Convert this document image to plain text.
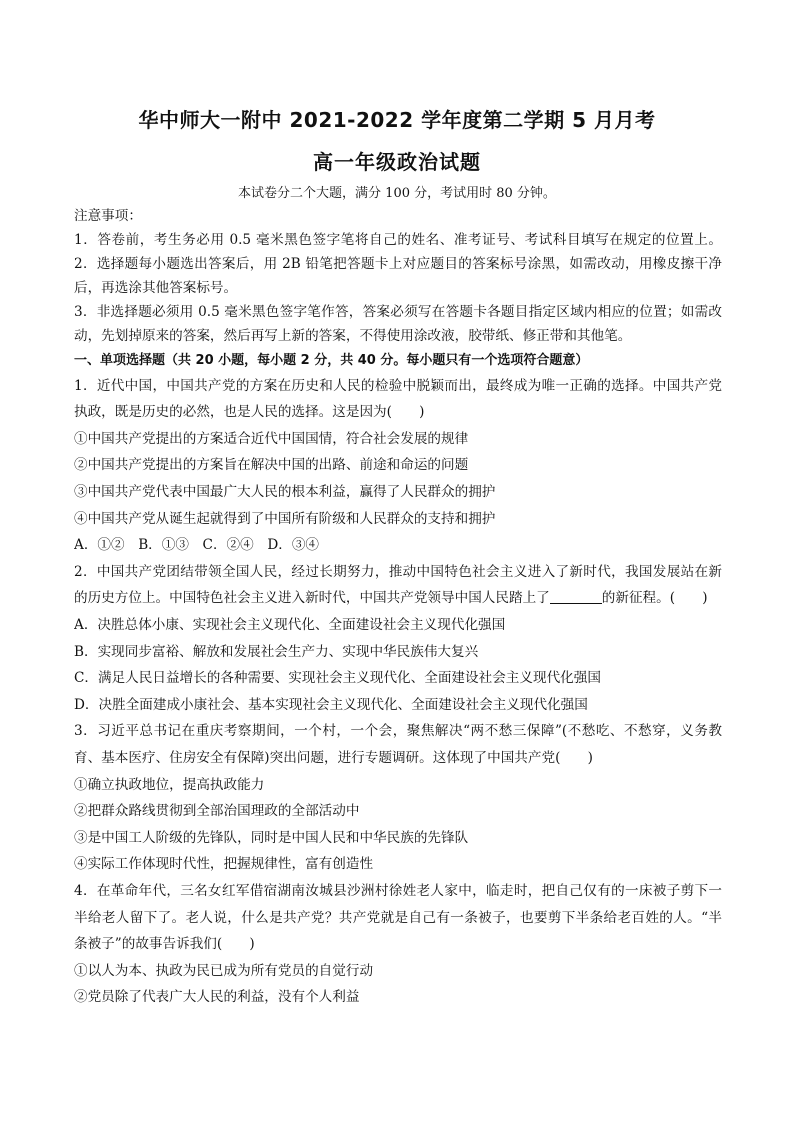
华中师大一附中 2021-2022 学年度第二学期 5 月月考
高一年级政治试题
本试卷分二个大题，满分 100 分，考试用时 80 分钟。
注意事项：
1．答卷前，考生务必用 0.5 毫米黑色签字笔将自己的姓名、准考证号、考试科目填写在规定的位置上。
2．选择题每小题选出答案后，用 2B 铅笔把答题卡上对应题目的答案标号涂黑，如需改动，用橡皮擦干净
后，再选涂其他答案标号。
3．非选择题必须用 0.5 毫米黑色签字笔作答，答案必须写在答题卡各题目指定区域内相应的位置；如需改
动，先划掉原来的答案，然后再写上新的答案，不得使用涂改液，胶带纸、修正带和其他笔。
一、单项选择题（共 20 小题，每小题 2 分，共 40 分。每小题只有一个选项符合题意）
1．近代中国，中国共产党的方案在历史和人民的检验中脱颖而出，最终成为唯一正确的选择。中国共产党
执政，既是历史的必然，也是人民的选择。这是因为(　　)
①中国共产党提出的方案适合近代中国国情，符合社会发展的规律
②中国共产党提出的方案旨在解决中国的出路、前途和命运的问题
③中国共产党代表中国最广大人民的根本利益，赢得了人民群众的拥护
④中国共产党从诞生起就得到了中国所有阶级和人民群众的支持和拥护
A．①②　B．①③　C．②④　D．③④
2．中国共产党团结带领全国人民，经过长期努力，推动中国特色社会主义进入了新时代，我国发展站在新
的历史方位上。中国特色社会主义进入新时代，中国共产党领导中国人民踏上了	的新征程。(　　)
A．决胜总体小康、实现社会主义现代化、全面建设社会主义现代化强国
B．实现同步富裕、解放和发展社会生产力、实现中华民族伟大复兴
C．满足人民日益增长的各种需要、实现社会主义现代化、全面建设社会主义现代化强国
D．决胜全面建成小康社会、基本实现社会主义现代化、全面建设社会主义现代化强国
3．习近平总书记在重庆考察期间，一个村，一个会，聚焦解决“两不愁三保障”(不愁吃、不愁穿，义务教
育、基本医疗、住房安全有保障)突出问题，进行专题调研。这体现了中国共产党(　　)
①确立执政地位，提高执政能力
②把群众路线贯彻到全部治国理政的全部活动中
③是中国工人阶级的先锋队，同时是中国人民和中华民族的先锋队
④实际工作体现时代性，把握规律性，富有创造性
4．在革命年代，三名女红军借宿湖南汝城县沙洲村徐姓老人家中，临走时，把自己仅有的一床被子剪下一
半给老人留下了。老人说，什么是共产党？共产党就是自己有一条被子，也要剪下半条给老百姓的人。“半
条被子”的故事告诉我们(　　)
①以人为本、执政为民已成为所有党员的自觉行动
②党员除了代表广大人民的利益，没有个人利益
